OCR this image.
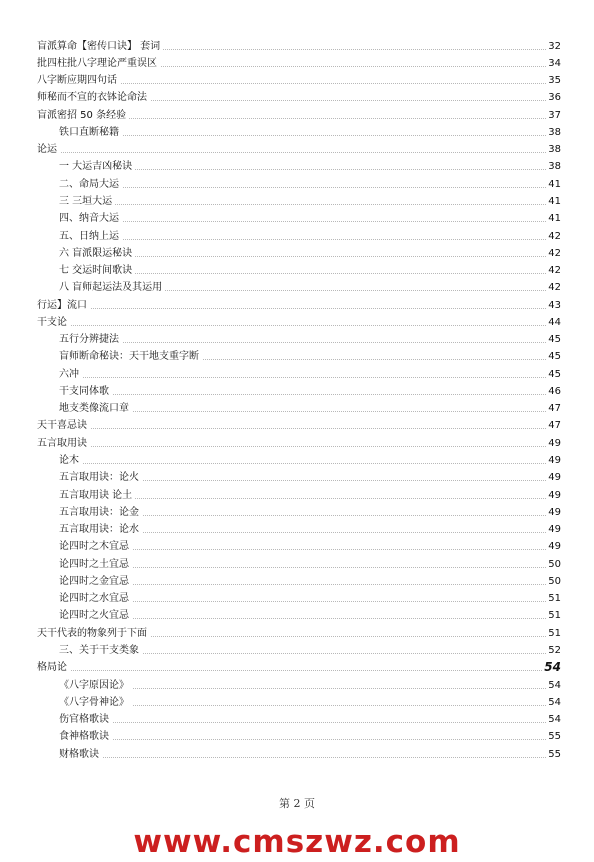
盲派算命【密传口诀】 套词	32
批四柱批八字理论严重误区	34
八字断应期四句话	35
师秘而不宣的衣钵论命法	36
盲派密招 50 条经验	37
铁口直断秘籍	38
论运	38
一 大运吉凶秘诀	38
二、命局大运	41
三 三垣大运	41
四、纳音大运	41
五、日纳上运	42
六 盲派限运秘诀	42
七 交运时间歌诀	42
八 盲师起运法及其运用	42
行运】流口	43
干支论	44
五行分辨捷法	45
盲师断命秘诀：天干地支重字断	45
六冲	45
干支同体歌	46
地支类像流口章	47
天干喜忌诀	47
五言取用诀	49
论木	49
五言取用诀：论火	49
五言取用诀 论土	49
五言取用诀：论金	49
五言取用诀：论水	49
论四时之木宜忌	49
论四时之土宜忌	50
论四时之金宜忌	50
论四时之水宜忌	51
论四时之火宜忌	51
天干代表的物象列于下面	51
三、关于干支类象	52
格局论	54
《八字原因论》	54
《八字骨神论》	54
伤官格歌诀	54
食神格歌诀	55
财格歌诀	55
第 2 页
www.cmszwz.com
